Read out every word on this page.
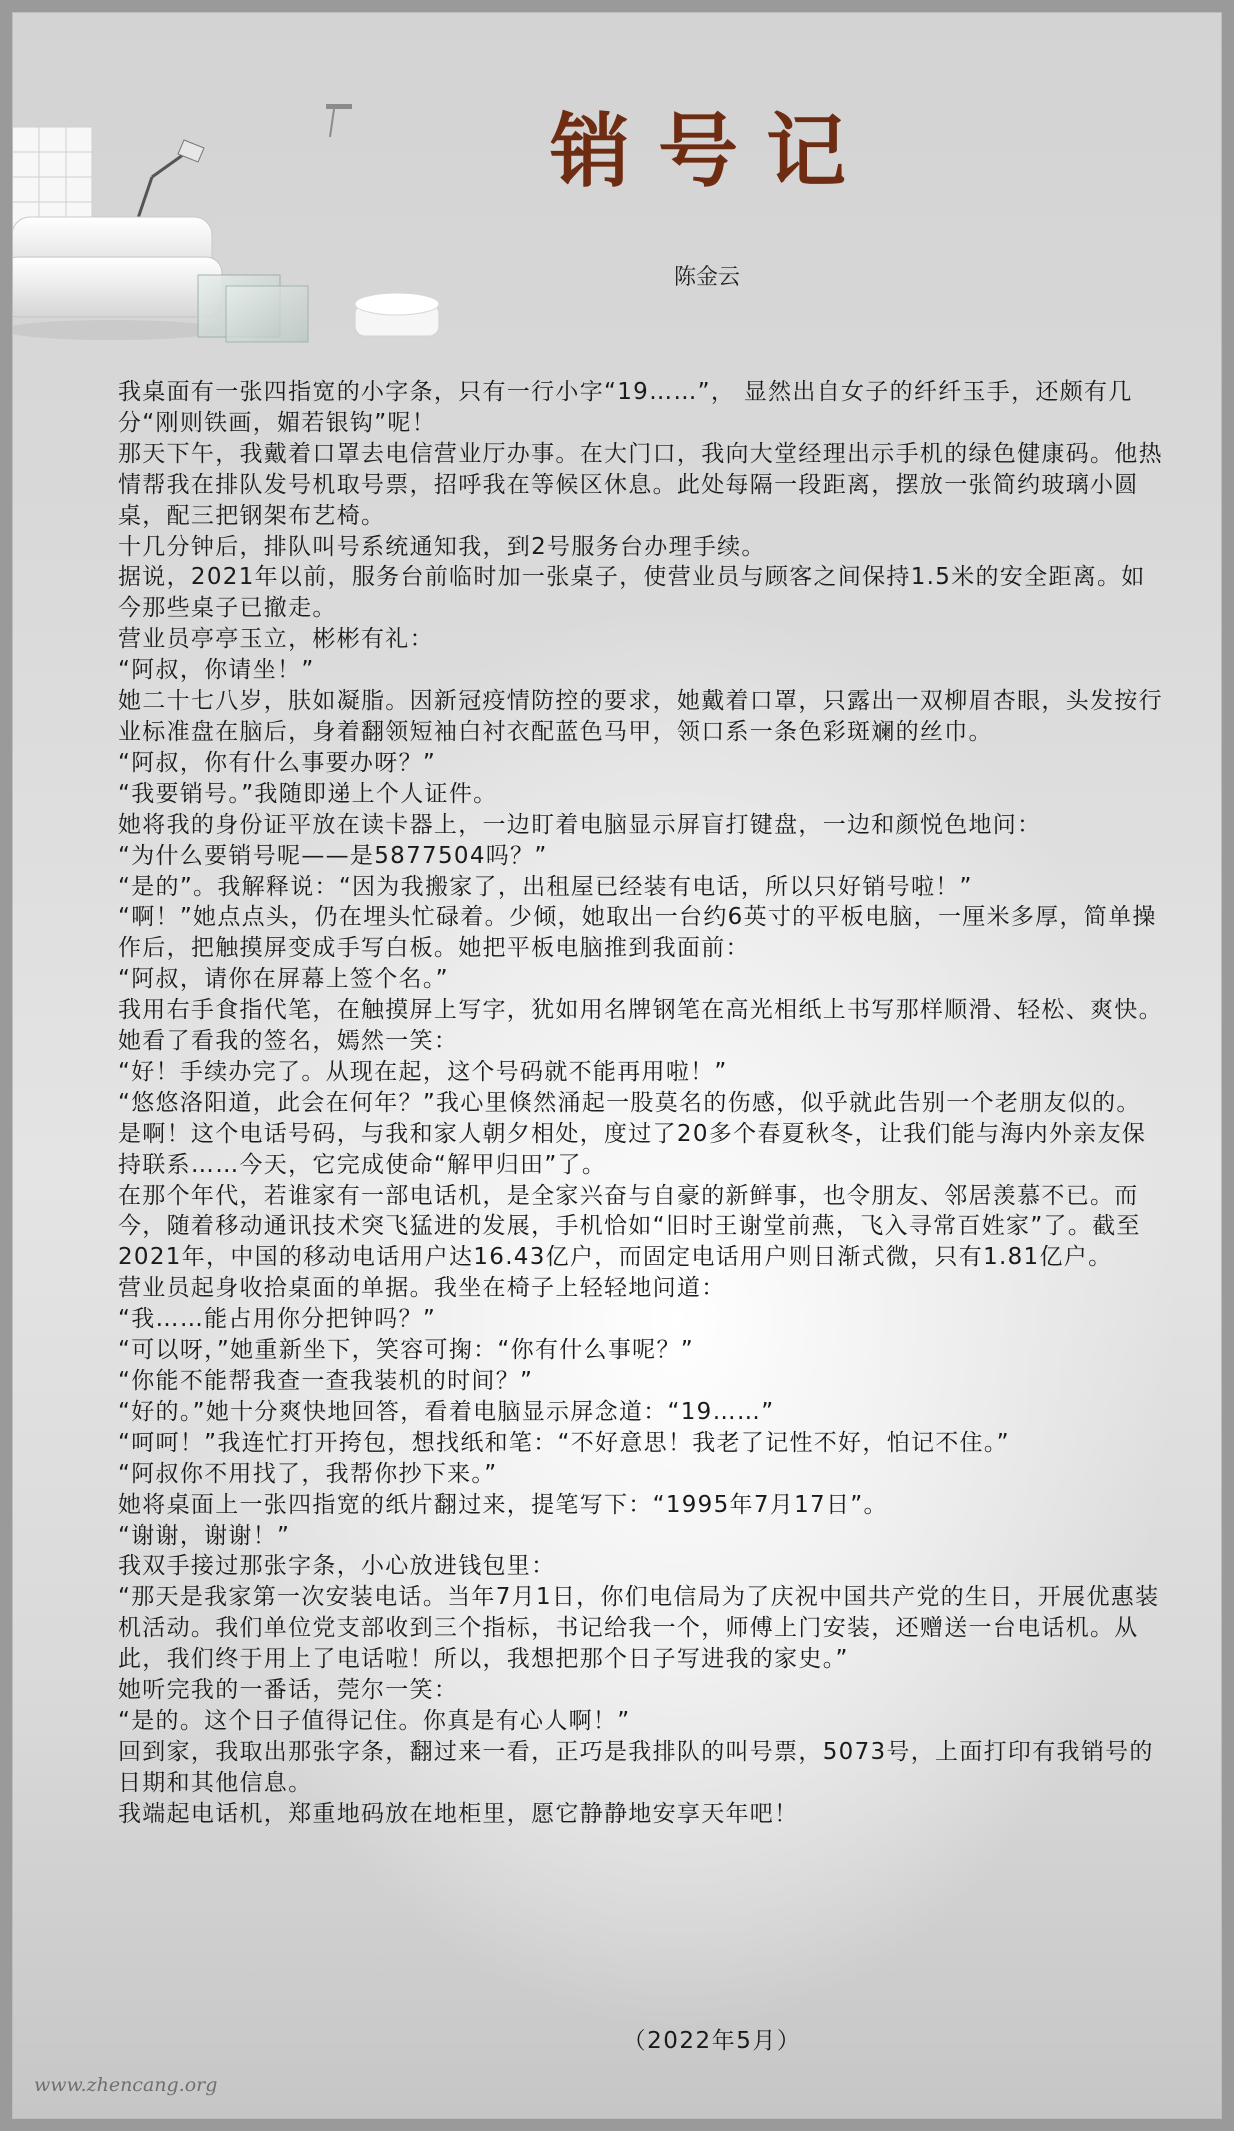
销号记
陈金云

我桌面有一张四指宽的小字条，只有一行小字“19……”， 显然出自女子的纤纤玉手，还颇有几分“刚则铁画，媚若银钩”呢！

那天下午，我戴着口罩去电信营业厅办事。在大门口，我向大堂经理出示手机的绿色健康码。他热情帮我在排队发号机取号票，招呼我在等候区休息。此处每隔一段距离，摆放一张简约玻璃小圆桌，配三把钢架布艺椅。

十几分钟后，排队叫号系统通知我，到2号服务台办理手续。

据说，2021年以前，服务台前临时加一张桌子，使营业员与顾客之间保持1.5米的安全距离。如今那些桌子已撤走。

营业员亭亭玉立，彬彬有礼：

“阿叔，你请坐！”

她二十七八岁，肤如凝脂。因新冠疫情防控的要求，她戴着口罩，只露出一双柳眉杏眼，头发按行业标准盘在脑后，身着翻领短袖白衬衣配蓝色马甲，领口系一条色彩斑斓的丝巾。

“阿叔，你有什么事要办呀？”

“我要销号。”我随即递上个人证件。

她将我的身份证平放在读卡器上，一边盯着电脑显示屏盲打键盘，一边和颜悦色地问：

“为什么要销号呢——是5877504吗？”

“是的”。我解释说：“因为我搬家了，出租屋已经装有电话，所以只好销号啦！”

“啊！”她点点头，仍在埋头忙碌着。少倾，她取出一台约6英寸的平板电脑，一厘米多厚，简单操作后，把触摸屏变成手写白板。她把平板电脑推到我面前：

“阿叔，请你在屏幕上签个名。”

我用右手食指代笔，在触摸屏上写字，犹如用名牌钢笔在高光相纸上书写那样顺滑、轻松、爽快。

她看了看我的签名，嫣然一笑：

“好！手续办完了。从现在起，这个号码就不能再用啦！”

“悠悠洛阳道，此会在何年？”我心里倏然涌起一股莫名的伤感，似乎就此告别一个老朋友似的。

是啊！这个电话号码，与我和家人朝夕相处，度过了20多个春夏秋冬，让我们能与海内外亲友保持联系……今天，它完成使命“解甲归田”了。

在那个年代，若谁家有一部电话机，是全家兴奋与自豪的新鲜事，也令朋友、邻居羡慕不已。而今，随着移动通讯技术突飞猛进的发展，手机恰如“旧时王谢堂前燕，飞入寻常百姓家”了。截至2021年，中国的移动电话用户达16.43亿户，而固定电话用户则日渐式微，只有1.81亿户。

营业员起身收拾桌面的单据。我坐在椅子上轻轻地问道：

“我……能占用你分把钟吗？”

“可以呀，”她重新坐下，笑容可掬：“你有什么事呢？”

“你能不能帮我查一查我装机的时间？”

“好的。”她十分爽快地回答，看着电脑显示屏念道：“19……”

“呵呵！”我连忙打开挎包，想找纸和笔：“不好意思！我老了记性不好，怕记不住。”

“阿叔你不用找了，我帮你抄下来。”

她将桌面上一张四指宽的纸片翻过来，提笔写下：“1995年7月17日”。

“谢谢，谢谢！”

我双手接过那张字条，小心放进钱包里：

“那天是我家第一次安装电话。当年7月1日，你们电信局为了庆祝中国共产党的生日，开展优惠装机活动。我们单位党支部收到三个指标，书记给我一个，师傅上门安装，还赠送一台电话机。从此，我们终于用上了电话啦！所以，我想把那个日子写进我的家史。”

她听完我的一番话，莞尔一笑：

“是的。这个日子值得记住。你真是有心人啊！”

回到家，我取出那张字条，翻过来一看，正巧是我排队的叫号票，5073号，上面打印有我销号的日期和其他信息。

我端起电话机，郑重地码放在地柜里，愿它静静地安享天年吧！

（2022年5月）
www.zhencang.org
